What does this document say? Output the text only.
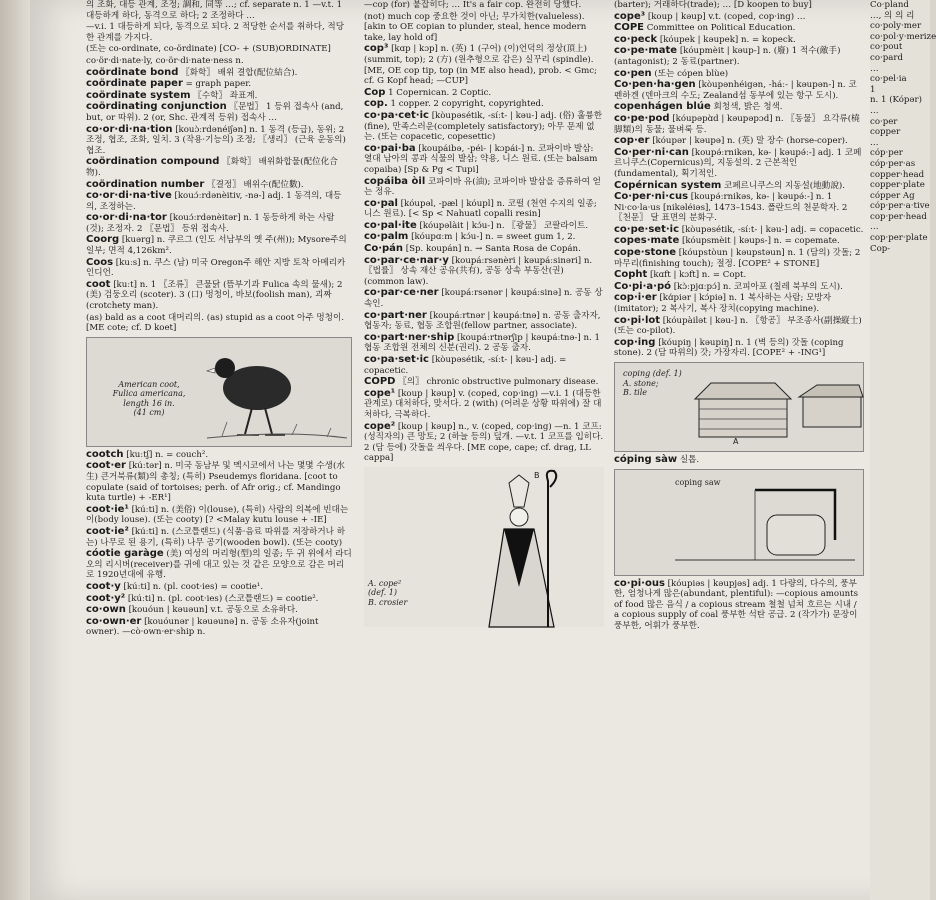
의 조화, 대등 관계, 조정; 調和, 同等 …; cf. separate n. 1 —v.t. 1 대등하게 하다, 동격으로 하다; 2 조정하다 …
—v.i. 1 대등하게 되다, 동격으로 되다. 2 적당한 순서를 취하다, 적당한 관계를 가지다.
(또는 co-ordinate, co-ördinate) [CO- + (SUB)ORDINATE]
co·ör·di·nate·ly, co·ör·di·nate·ness n.
coördinate bond 〖화학〗 배위 결합(配位結合).
coördinate paper = graph paper.
coördinate system 〖수학〗 좌표계.
coördinating conjunction 〖문법〗 1 등위 접속사 (and, but, or 따위). 2 (or, Shc. 관계적 등위) 접속사 …
co·or·di·na·tion [kouɔ̀ːrdənéiʃən] n. 1 동격 (등급), 동위; 2 조정, 협조, 조화, 일치. 3 (작용·기능의) 조정; 〖생리〗 (근육 운동의) 협조.
coördination compound 〖화학〗 배위화합물(配位化合物).
coördination number 〖결정〗 배위수(配位數).
co·or·di·na·tive [kouɔ́ːrdənèitiv, -nə-] adj. 1 동격의, 대등의, 조정하는.
co·or·di·na·tor [kouɔ́ːrdənèitər] n. 1 동등하게 하는 사람(것); 조정자. 2 〖문법〗 등위 접속사.
Coorg [kuərg] n. 쿠르그 (인도 서남부의 옛 주(州)); Mysore주의 일부; 면적 4,126km².
Coos [kuːs] n. 쿠스 (남) 미국 Oregon주 해안 지방 토착 아메리카 인디언.
coot [kuːt] n. 1 〖조류〗 큰물닭 (뜸부기과 Fulica 속의 물새); 2 (美) 검둥오리 (scoter). 3 (口) 멍청이, 바보(foolish man), 괴짜(crotchety man).
(as) bald as a coot 대머리의. (as) stupid as a coot 아주 멍청이. [ME cote; cf. D koet]
American coot,
Fulica americana,
length 16 in.
(41 cm)
cootch [kuːtʃ] n. = couch².
coot·er [kúːtər] n. 미국 동남부 및 멕시코에서 나는 몇몇 수생(水生) 큰거북류(類)의 총칭; (특히) Pseudemys floridana. [coot to copulate (said of tortoises; perh. of Afr orig.; cf. Mandingo kuta turtle) + -ER¹]
coot·ie¹ [kúːti] n. (美俗) 이(louse), (특히) 사람의 의복에 빈대는 이(body louse). (또는 cooty) [? <Malay kutu louse + -IE]
coot·ie² [kúːti] n. (스코틀랜드) (식품·음료 따위를 저장하거나 하는) 나무로 된 용기, (특히) 나무 공기(wooden bowl). (또는 cooty)
cóotie garàge (美) 여성의 머리형(型)의 일종; 두 귀 위에서 라디오의 리시버(receiver)를 귀에 대고 있는 것 같은 모양으로 감은 머리로 1920년대에 유행.
coot·y [kúːti] n. (pl. coot·ies) = cootie¹.
coot·y² [kúːti] n. (pl. coot·ies) (스코틀랜드) = cootie².
co·own [kouóun | kəuəun] v.t. 공동으로 소유하다.
co·own·er [kouóunər | kəuəunə] n. 공동 소유자(joint owner). —cò·own·er·ship n.
—cop (for) 붙잡히다; … It's a fair cop. 완전히 당했다.
(not) much cop 중요한 것이 아닌; 무가치한(valueless). [akin to OE copian to plunder, steal, hence modern take, lay hold of]
cop³ [kɑp | kɔp] n. (英) 1 (구어) (이)언덕의 정상(頂上)(summit, top); 2 (方) (원추형으로 감은) 실꾸리 (spindle). [ME, OE cop tip, top (in ME also head), prob. < Gmc; cf. G Kopf head; —CUP]
Cop 1 Copernican. 2 Coptic.
cop. 1 copper. 2 copyright, copyrighted.
co·pa·cet·ic [kòupəsétik, -síːt- | kəu-] adj. (俗) 훌륭한(fine), 만족스러운(completely satisfactory); 아무 문제 없는. (또는 copacetic, copesettic)
co·pai·ba [koupáibə, -péi- | kɔpái-] n. 코파이바 발삼: 열대 남아의 콩과 식물의 발삼; 약용, 니스 원료. (또는 balsam copaiba) [Sp & Pg < Tupi]
copáiba òil 코파이바 유(油); 코파이바 발삼을 증류하여 얻는 정유.
co·pal [kóupəl, -pæl | kóupl] n. 코펄 (천연 수지의 일종; 니스 원료). [< Sp < Nahuatl copalli resin]
co·pal·ite [kóupəlàit | kɔ́u-] n. 〖광물〗 코팔라이트.
co·palm [kóupɑːm | kɔ́u-] n. = sweet gum 1, 2.
Co·pán [Sp. koupán] n. → Santa Rosa de Copán.
co·par·ce·nar·y [koupáːrsənèri | kəupáːsinəri] n. 〖법률〗 상속 재산 공유(共有), 공동 상속 부동산(권)(common law).
co·par·ce·ner [koupáːrsənər | kəupáːsinə] n. 공동 상속인.
co·part·ner [koupáːrtnər | kəupáːtnə] n. 공동 출자자, 협동자; 동료, 협동 조합원(fellow partner, associate).
co·part·ner·ship [koupáːrtnərʃip | kəupáːtnə-] n. 1 협동 조합원 전체의 신분(권리). 2 공동 출자.
co·pa·set·ic [kòupəsétik, -síːt- | kəu-] adj. = copacetic.
COPD 〖의〗 chronic obstructive pulmonary disease.
cope¹ [koup | kəup] v. (coped, cop·ing) —v.i. 1 (대등한 관계로) 대처하다, 맞서다. 2 (with) (어려운 상황 따위에) 잘 대처하다, 극복하다.
cope² [koup | kəup] n., v. (coped, cop·ing) —n. 1 코프: (성직자의) 큰 망토; 2 (하늘 등의) 덮개. —v.t. 1 코프를 입히다. 2 (담 등에) 갓돌을 씌우다. [ME cope, cape; cf. drag, LL cappa]
A. cope²
(def. 1)
B. crosier
B
(barter); 거래하다(trade); … [D koopen to buy]
cope³ [koup | kəup] v.t. (coped, cop·ing) …
COPE Committee on Political Education.
co·peck [kóupek | kəupek] n. = kopeck.
co·pe·mate [kóupmèit | kəup-] n. (廢) 1 적수(敵手) (antagonist); 2 동료(partner).
co·pen (또는 cópen blùe)
Co·pen·ha·gen [kòupənhéigən, -háː- | kəupən-] n. 코펜하겐 (덴마크의 수도; Zealand섬 동부에 있는 항구 도시).
copenhágen blúe 회청색, 밝은 청색.
co·pe·pod [kóupəpɑ̀d | kəupəpɔd] n. 〖동물〗 요각류(橈脚類)의 동물; 물벼룩 등.
cop·er [kóupər | kəupə] n. (英) 말 장수 (horse-coper).
Co·per·ni·can [koupə́ːrnikən, kə- | kəupə́ː-] adj. 1 코페르니쿠스(Copernicus)의, 지동설의. 2 근본적인 (fundamental), 획기적인.
Copérnican system 코페르니쿠스의 지동설(地動說).
Co·per·ni·cus [koupə́ːrnikəs, kə- | kəupə́ː-] n. 1 Ni·co·la·us [nikəléiəs], 1473–1543. 폴란드의 천문학자. 2 〖천문〗 달 표면의 분화구.
co·pe·set·ic [kòupəsétik, -síːt- | kəu-] adj. = copacetic.
copes·mate [kóupsmèit | kəups-] n. = copemate.
cope·stone [kóupstòun | kəupstəun] n. 1 (담의) 갓돌; 2 마무리(finishing touch); 절정. [COPE² + STONE]
Copht [kɑft | kɔft] n. = Copt.
Co·pi·a·pó [kɔ̀ːpjɑːpɔ́] n. 코피아포 (칠레 북부의 도시).
cop·i·er [kɑ́piər | kɔ́piə] n. 1 복사하는 사람; 모방자(imitator); 2 복사기, 복사 장치(copying machine).
co·pi·lot [kóupàilət | kəu-] n. 〖항공〗 부조종사(副操縦士) (또는 co-pilot).
cop·ing [kóupiŋ | kəupiŋ] n. 1 (벽 등의) 갓돌 (coping stone). 2 (담 따위의) 갓; 가장자리. [COPE² + -ING¹]
coping (def. 1)
A. stone;
B. tile
A
cóping sàw 실톱.
coping saw
co·pi·ous [kóupiəs | kəupjəs] adj. 1 다량의, 다수의, 풍부한, 엄청나게 많은(abundant, plentiful): —copious amounts of food 많은 음식 / a copious stream 철철 넘쳐 흐르는 시내 / a copious supply of coal 풍부한 석탄 공급. 2 (작가가) 문장이 풍부한, 어휘가 풍부한.
Co·pland
…, 의 의 리
co·poly·mer
co·pol·y·merize
co·pout
co·pard
…
co·pel·ia
1
n. 1 (Kópər)
…
co·per
copper
…
cóp·per
cóp·per·as
copper·head
copper·plate
cópper Ag
cóp·per·a·tive
cop·per·head
…
cop·per·plate
Cop-
